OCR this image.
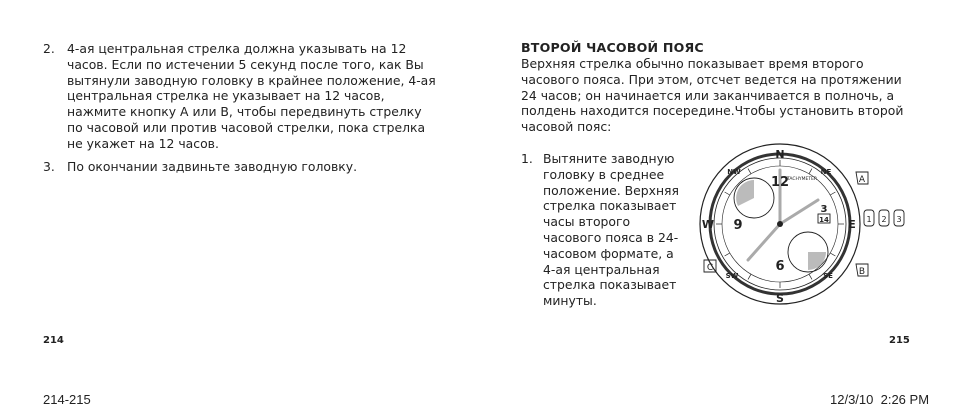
2. 4-ая центральная стрелка должна указывать на 12 часов. Если по истечении 5 секунд после того, как Вы вытянули заводную головку в крайнее положение, 4-ая центральная стрелка не указывает на 12 часов, нажмите кнопку A или B, чтобы передвинуть стрелку по часовой или против часовой стрелки, пока стрелка не укажет на 12 часов.
3. По окончании задвиньте заводную головку.
214
ВТОРОЙ ЧАСОВОЙ ПОЯС
Верхняя стрелка обычно показывает время второго часового пояса. При этом, отсчет ведется на протяжении 24 часов; он начинается или заканчивается в полночь, а полдень находится посередине.Чтобы установить второй часовой пояс:
1. Вытяните заводную головку в среднее положение. Верхняя стрелка показывает часы второго часового пояса в 24-часовом формате, а 4-ая центральная стрелка показывает минуты.
215
N
S
W	E
NE
NW
SE
SW
12
6
9
3
TACHYMETER
14
A
B
C
1 2 3
214-215	12/3/10 2:26 PM
